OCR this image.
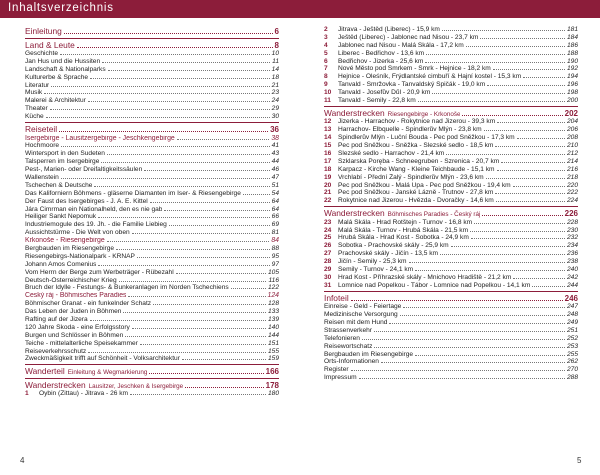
Inhaltsverzeichnis
Einleitung	6
Land & Leute	8
Geschichte	10
Jan Hus und die Hussiten	11
Landschaft & Nationalparks	14
Kulturerbe & Sprache	18
Literatur	21
Musik	23
Malerei & Architektur	24
Theater	29
Küche	30
Reiseteil	36
Isergebirge - Lausitzergebirge - Jeschkengebirge	38
Hochmoore	41
Wintersport in den Sudeten	43
Talsperren im Isergebirge	44
Pest-, Marien- oder Dreifaltigkeitssäulen	46
Wallenstein	47
Tschechen & Deutsche	51
Das Kaliforniern Böhmens - gläserne Diamanten im Iser- & Riesengebirge	54
Der Faust des Isergebirges - J. A. E. Kittel	64
Jára Cimrman ein Nationalheld, den es nie gab	64
Heiliger Sankt Nepomuk	66
Industriemogule des 19. Jh. - die Familie Liebieg	69
Aussichtstürme - Die Welt von oben	81
Krkonoše - Riesengebirge	84
Bergbauden im Riesengebirge	88
Riesengebirgs-Nationalpark - KRNAP	95
Johann Amos Comenius	97
Vom Herrn der Berge zum Werbeträger - Rübezahl	105
Deutsch-Österreichischer Krieg	116
Bruch der Idylle - Festungs- & Bunkeranlagen im Norden Tschechiens	122
Český ráj - Böhmisches Paradies	124
Böhmischer Granat - ein funkelnder Schatz	128
Das Leben der Juden in Böhmen	133
Rafting auf der Jizera	139
120 Jahre Škoda - eine Erfolgsstory	140
Burgen und Schlösser in Böhmen	144
Teiche - mittelalterliche Speisekammer	151
Reiseverkehrsschutz	155
Zweckmäßigkeit trifft auf Schönheit - Volksarchitektur	159
Wanderteil Einleitung & Wegmarkierung	166
Wanderstrecken Lausitzer, Jeschken & Isergebirge	178
1 Oybin (Zittau) - Jitrava - 26 km	180
2 Jitrava - Ještěd (Liberec) - 15,9 km	181
3 Ještěd (Liberec) - Jablonec nad Nisou - 23,7 km	184
4 Jablonec nad Nisou - Malá Skála - 17,2 km	186
5 Liberec - Bedřichov - 13,6 km	188
6 Bedřichov - Jizerka - 25,6 km	190
7 Nové Město pod Smrkem - Smrk - Hejnice - 18,2 km	192
8 Hejnice - Oleśník, Frýdlantské cimbuří & Hajní kostel - 15,3 km	194
9 Tanvald - Smržovka - Tanvaldský Špičák - 19,0 km	196
10 Tanvald - Josefův Důl - 20,9 km	198
11 Tanvald - Semily - 22,8 km	200
Wanderstrecken Riesengebirge - Krkonoše	202
12 Jizerka - Harrachov - Rokytnice nad Jizerou - 39,3 km	204
13 Harrachov- Elbquelle - Špindlerův Mlýn - 23,8 km	206
14 Špindlerův Mlýn - Luční Bouda - Pec pod Sněžkou - 17,3 km	208
15 Pec pod Sněžkou - Sněžka - Slezské sedlo - 18,5 km	210
16 Slezské sedlo - Harrachov - 21,4 km	212
17 Szklarska Poręba - Schneegruben - Szrenica - 20,7 km	214
18 Karpacz - Kirche Wang - Kleine Teichbaude - 15,1 km	216
19 Vrchlabí - Přední Žalý - Špindlerův Mlýn - 23,6 km	218
20 Pec pod Sněžkou - Malá Úpa - Pec pod Sněžkou - 19,4 km	220
21 Pec pod Sněžkou - Janské Lázně - Trutnov - 27,8 km	222
22 Rokytnice nad Jizerou - Hvězda - Dvoračky - 14,6 km	224
Wanderstrecken Böhmisches Paradies - Český ráj	226
23 Malá Skála - Hrad Rotštejn - Turnov - 16,8 km	228
24 Malá Skála - Turnov - Hrubá Skála - 21,5 km	230
25 Hrubá Skála - Hrad Kost - Sobotka - 24,9 km	232
26 Sobotka - Prachovské skály - 25,9 km	234
27 Prachovské skály - Jičín - 13,5 km	236
28 Jičín - Semily - 25,3 km	238
29 Semily - Turnov - 24,1 km	240
30 Hrad Kost - Příhrazské skály - Mnichovo Hradiště - 21,2 km	242
31 Lomnice nad Popelkou - Tábor - Lomnice nad Popelkou - 14,1 km	244
Infoteil	246
Einreise - Geld - Feiertage	247
Medizinische Versorgung	248
Reisen mit dem Hund	249
Strassenverkehr	251
Telefonieren	252
Reisewortschatz	253
Bergbauden im Riesengebirge	255
Orts-Informationen	262
Register	270
Impressum	288
4	5
